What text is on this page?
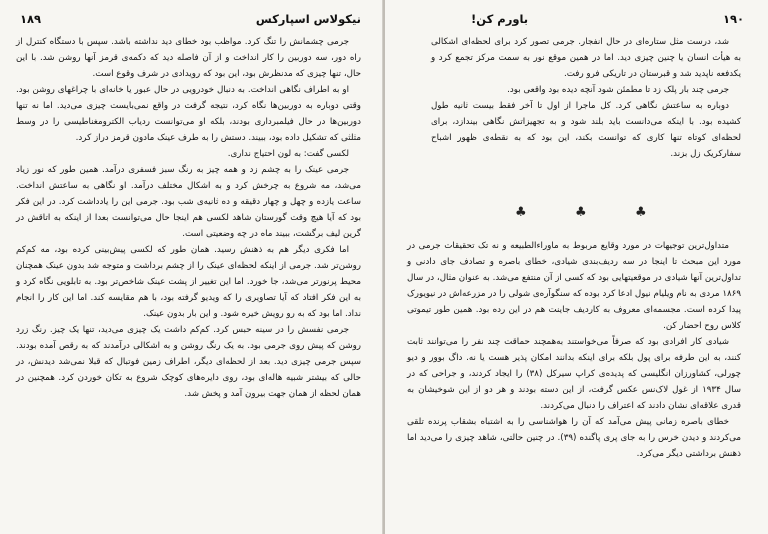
۱۸۹	نیکولاس اسپارکس

جرمی چشمانش را تنگ کرد. مواظب بود خطای دید نداشته باشد. سپس با دستگاه کنترل از راه دور، سه دوربین را کار انداخت و از آن فاصله دید که دکمه‌ی قرمز آنها روشن شد. با این حال، تنها چیزی که مدنظرش بود، این بود که رویدادی در شرف وقوع است.

او به اطراف نگاهی انداخت. به دنبال خودرویی در حال عبور یا خانه‌ای با چراغهای روشن بود. وقتی دوباره به دوربین‌ها نگاه کرد، نتیجه گرفت در واقع نمی‌بایست چیزی می‌دید. اما نه تنها دوربین‌ها در حال فیلمبرداری بودند، بلکه او می‌توانست ردیاب الکترومغناطیسی را در وسط مثلثی که تشکیل داده بود، ببیند. دستش را به طرف عینک مادون قرمز دراز کرد.

لکسی گفت: به لون احتیاج نداری.

جرمی عینک را به چشم زد و همه چیز به رنگ سبز فسفری درآمد. همین طور که نور زیاد می‌شد، مه شروع به چرخش کرد و به اشکال مختلف درآمد. او نگاهی به ساعتش انداخت. ساعت یازده و چهل و چهار دقیقه و ده ثانیه‌ی شب بود. جرمی این را یادداشت کرد. در این فکر بود که آیا هیچ وقت گورستان شاهد لکسی هم اینجا حال می‌توانست بعدا از اینکه به اتاقش در گرین لیف برگشت، ببیند ماه در چه وضعیتی است.

اما فکری دیگر هم به ذهنش رسید. همان طور که لکسی پیش‌بینی کرده بود، مه کم‌کم روشن‌تر شد. جرمی از اینکه لحظه‌ای عینک را از چشم برداشت و متوجه شد بدون عینک همچنان محیط پرنورتر می‌شد، جا خورد. اما این تغییر از پشت عینک شاخص‌تر بود. به تابلویی نگاه کرد و به این فکر افتاد که آیا تصاویری را که ویدیو گرفته بود، با هم مقایسه کند. اما این کار را انجام نداد. اما بود که به رو رویش خیره شود. و این بار بدون عینک.

جرمی نفسش را در سینه حبس کرد. کم‌کم داشت یک چیزی می‌دید، تنها یک چیز. رنگ زرد روشن که پیش روی جرمی بود. به یک رنگ روشن و به اشکالی درآمدند که به رقص آمده بودند. سپس جرمی چیزی دید. بعد از لحظه‌ای دیگر، اطراف زمین فوتبال که قبلا نمی‌شد دیدنش، در حالی که بیشتر شبیه هاله‌ای بود، روی دایره‌های کوچک شروع به تکان خوردن کرد. همچنین در همان لحظه از همان جهت بیرون آمد و پخش شد.

۱۹۰
باورم کن!

شد، درست مثل ستاره‌ای در حال انفجار. جرمی تصور کرد برای لحظه‌ای اشکالی به هیأت انسان یا چنین چیزی دید. اما در همین موقع نور به سمت مرکز تجمع کرد و یکدفعه ناپدید شد و قبرستان در تاریکی فرو رفت.

جرمی چند بار پلک زد تا مطمئن شود آنچه دیده بود واقعی بود.

دوباره به ساعتش نگاهی کرد. کل ماجرا از اول تا آخر فقط بیست ثانیه طول کشیده بود. با اینکه می‌دانست باید بلند شود و به تجهیزاتش نگاهی بیندازد، برای لحظه‌ای کوتاه تنها کاری که توانست بکند، این بود که به نقطه‌ی ظهور اشباح سفارکریک زل بزند.

♣	♣	♣

متداول‌ترین توجیهات در مورد وقایع مربوط به ماوراءالطبیعه و نه تک تحقیقات جرمی در مورد این مبحث تا اینجا در سه ردیف‌بندی شیادی، خطای باصره و تصادف جای دادنی و تداول‌ترین آنها شیادی در موقعیتهایی بود که کسی از آن منتفع می‌شد. به عنوان مثال، در سال ۱۸۶۹ مردی به نام ویلیام نیول ادعا کرد بوده که سنگوآره‌ی شولی را در مزرعه‌اش در نیویورک پیدا کرده است. مجسمه‌ای معروف به کاردیف جاینت هم در این رده بود. همین طور تیموتی کلاس روح احضار کن.

شیادی کار افرادی بود که صرفاً می‌خواستند به‌همچند حماقت چند نفر را می‌توانند ثابت کنند، به این طرفه برای پول بلکه برای اینکه بدانند امکان پذیر هست یا نه. داگ بوور و دیو چورلی، کشاورزان انگلیسی که پدیده‌ی کراپ سیرکل (۳۸) را ایجاد کردند، و جراحی که در سال ۱۹۳۴ از غول لاک‌نس عکس گرفت، از این دسته بودند و هر دو از این شوخیشان به قدری علاقه‌ای نشان دادند که اعتراف را دنبال می‌کردند.

خطای باصره زمانی پیش می‌آمد که آن را هواشناسی را به اشتباه بشقاب پرنده تلقی می‌کردند و دیدن خرس را به جای پری پاگنده (۳۹). در چنین حالتی، شاهد چیزی را می‌دید اما ذهنش برداشتی دیگر می‌کرد.
